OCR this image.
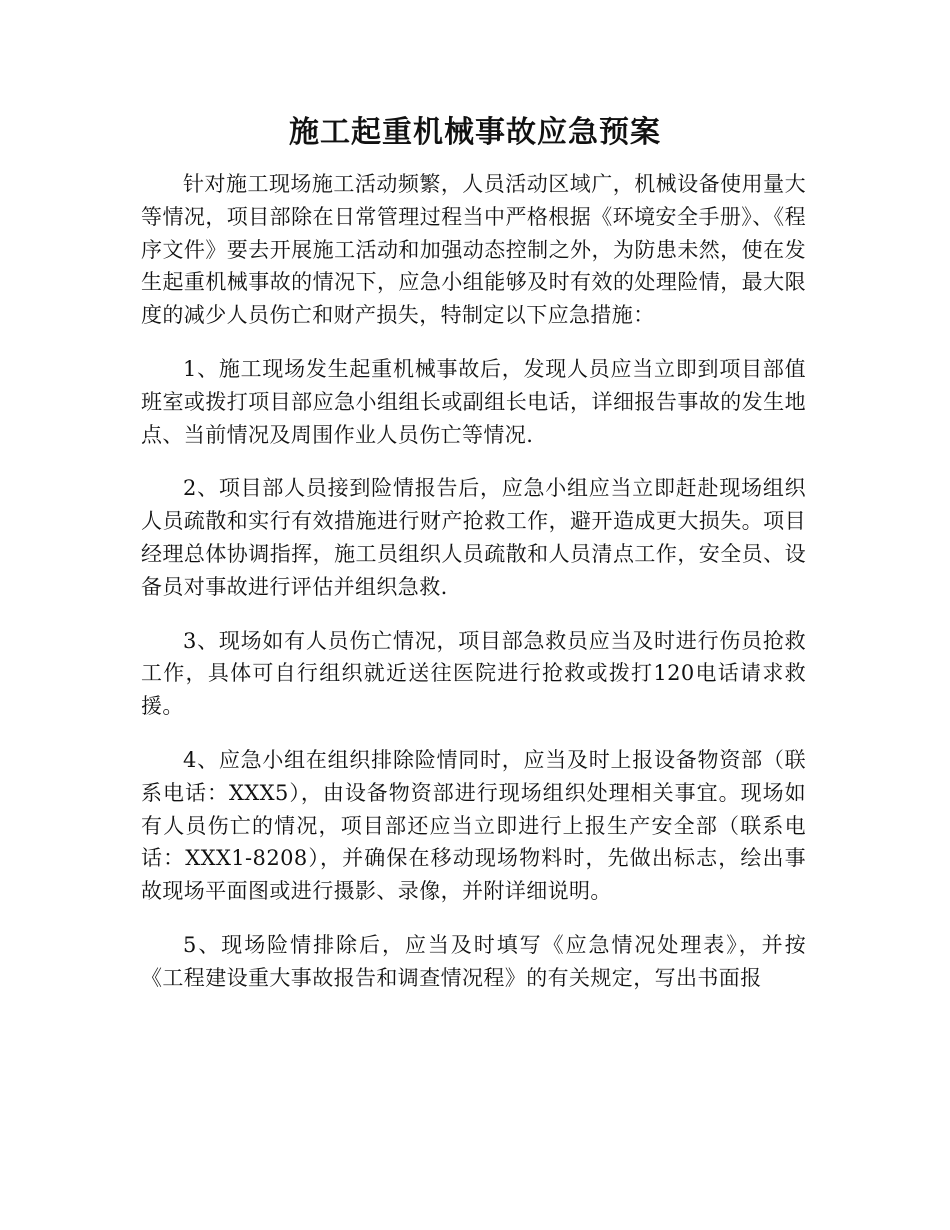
施工起重机械事故应急预案

针对施工现场施工活动频繁，人员活动区域广，机械设备使用量大等情况，项目部除在日常管理过程当中严格根据《环境安全手册》、《程序文件》要去开展施工活动和加强动态控制之外，为防患未然，使在发生起重机械事故的情况下，应急小组能够及时有效的处理险情，最大限度的减少人员伤亡和财产损失，特制定以下应急措施：

1、施工现场发生起重机械事故后，发现人员应当立即到项目部值班室或拨打项目部应急小组组长或副组长电话，详细报告事故的发生地点、当前情况及周围作业人员伤亡等情况.

2、项目部人员接到险情报告后，应急小组应当立即赶赴现场组织人员疏散和实行有效措施进行财产抢救工作，避开造成更大损失。项目经理总体协调指挥，施工员组织人员疏散和人员清点工作，安全员、设备员对事故进行评估并组织急救.

3、现场如有人员伤亡情况，项目部急救员应当及时进行伤员抢救工作，具体可自行组织就近送往医院进行抢救或拨打120电话请求救援。

4、应急小组在组织排除险情同时，应当及时上报设备物资部（联系电话：XXX5），由设备物资部进行现场组织处理相关事宜。现场如有人员伤亡的情况，项目部还应当立即进行上报生产安全部（联系电话：XXX1-8208），并确保在移动现场物料时，先做出标志，绘出事故现场平面图或进行摄影、录像，并附详细说明。

5、现场险情排除后，应当及时填写《应急情况处理表》，并按《工程建设重大事故报告和调查情况程》的有关规定，写出书面报
